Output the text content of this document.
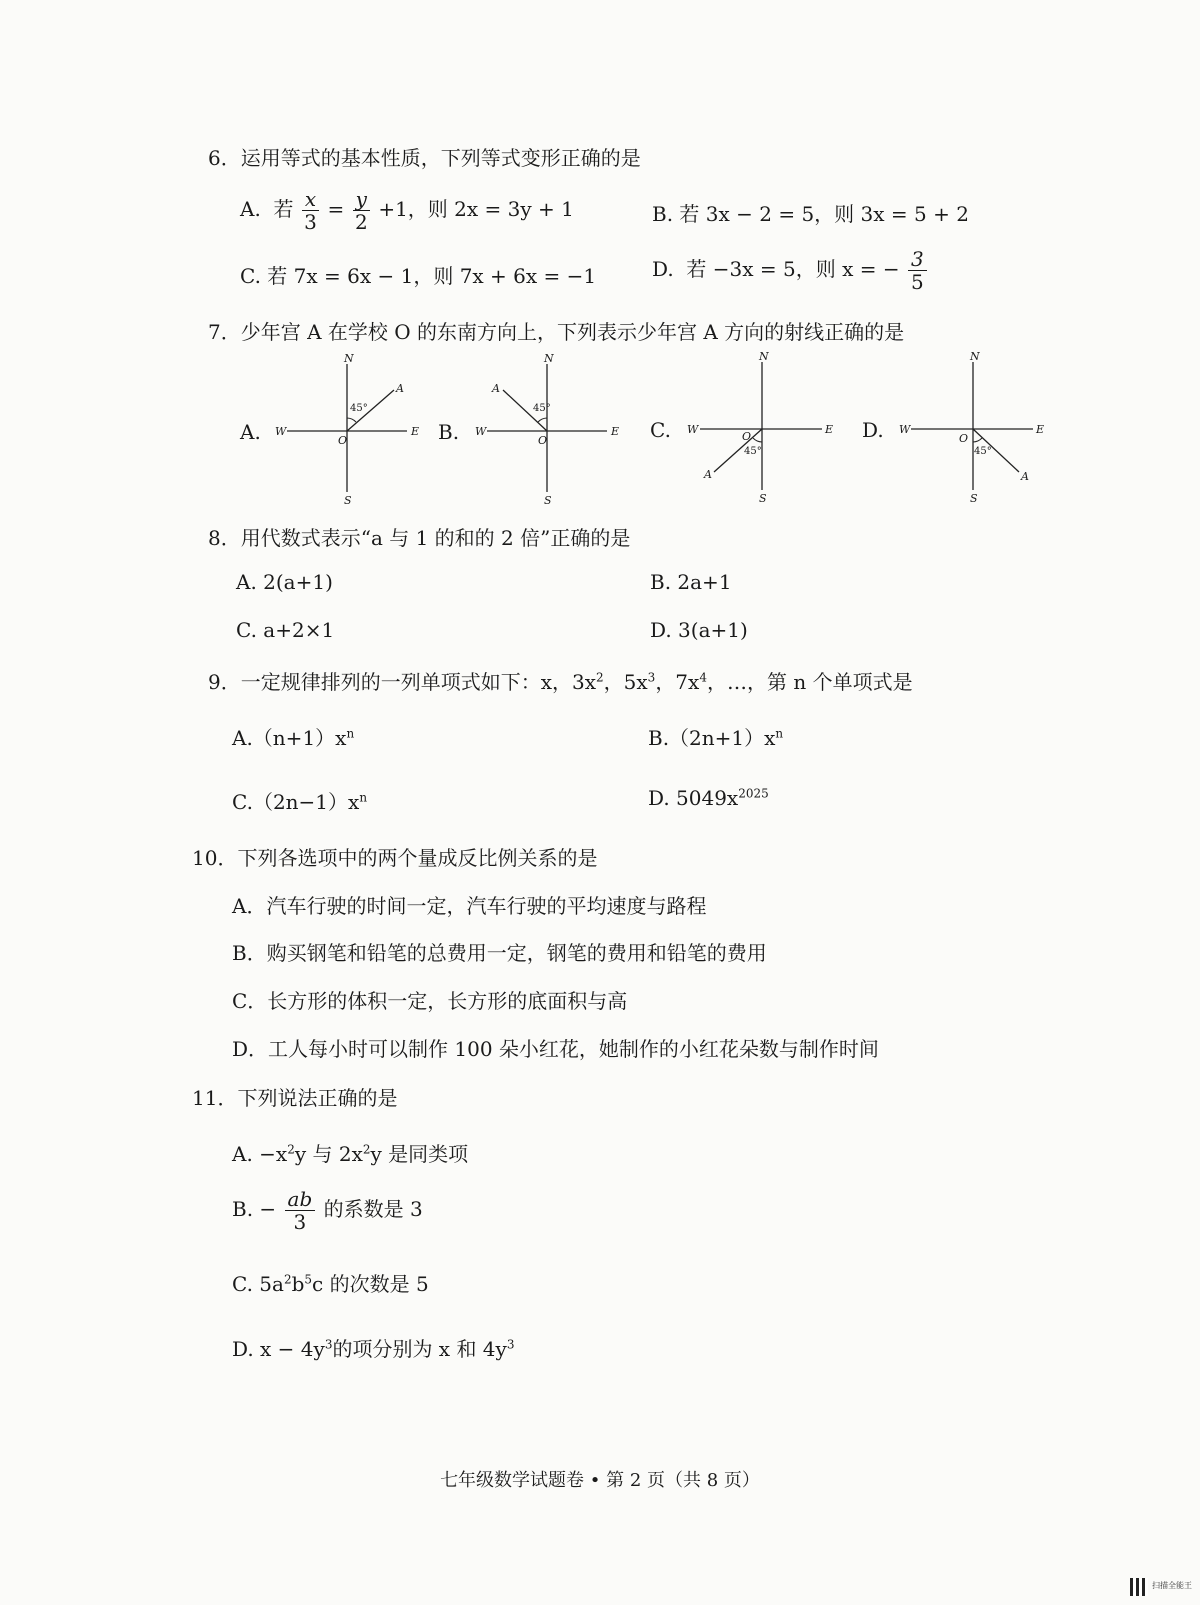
6．运用等式的基本性质，下列等式变形正确的是
A. 若 $\frac{x}{3} = \frac{y}{2} +1$，则 2x = 3y + 1	B. 若 3x − 2 = 5，则 3x = 5 + 2
C. 若 7x = 6x − 1，则 7x + 6x = −1	D. 若 −3x = 5，则 x = − $\frac{3}{5}$
7．少年宫 A 在学校 O 的东南方向上，下列表示少年宫 A 方向的射线正确的是
A.
N
S
W	E
O
A
45°
B.
N
S
W	E
O
A
45°
C.
N
S
W	E
O
A
45°
D.
N
S
W	E
O
A
45°
8．用代数式表示“a 与 1 的和的 2 倍”正确的是
A. 2(a+1)	B. 2a+1
C. a+2×1	D. 3(a+1)
9．一定规律排列的一列单项式如下：x，$3x^2$，$5x^3$，$7x^4$，…，第 n 个单项式是
$A.(n+1)x^n$	$B.(2n+1)x^n$
$C.(2n-1)x^n$	D. $5049x^{2025}$
10．下列各选项中的两个量成反比例关系的是
A．汽车行驶的时间一定，汽车行驶的平均速度与路程
B．购买钢笔和铅笔的总费用一定，钢笔的费用和铅笔的费用
C．长方形的体积一定，长方形的底面积与高
D．工人每小时可以制作 100 朵小红花，她制作的小红花朵数与制作时间
11．下列说法正确的是
A. $-x^2y$ 与 $2x^2y$ 是同类项
B. − $\frac{ab}{3}$ 的系数是 3
C. $5a^2b^5c$ 的次数是 5
D. $x - 4y^3$的项分别为 x 和 $4y^3$
七年级数学试题卷 • 第 2 页（共 8 页）
扫描全能王
